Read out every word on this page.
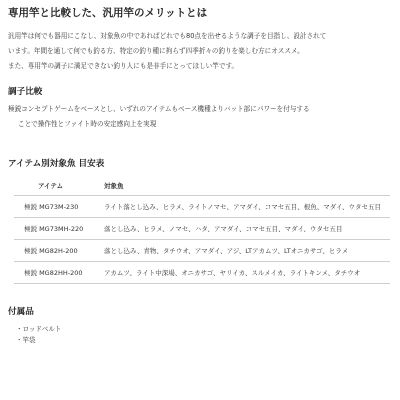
専用竿と比較した、汎用竿のメリットとは
汎用竿は何でも器用にこなし、対象魚の中であればどれでも80点を出せるような調子を目指し、設計されて
います。年間を通して何でも釣る方、特定の釣り種に拘らず四季折々の釣りを楽しむ方にオススメ。
また、専用竿の調子に満足できない釣り人にも是非手にとってほしい竿です。
調子比較
極鋭コンセプトゲームをベースとし、いずれのアイテムもベース機種よりバット部にパワーを付与する
ことで操作性とファイト時の安定感向上を実現
アイテム別対象魚 目安表
アイテム	対象魚
極鋭 MG73M-230	ライト落とし込み、ヒラメ、ライトノマセ、アマダイ、コマセ五目、根魚、マダイ、ウタセ五目
極鋭 MG73MH-220	落とし込み、ヒラメ、ノマセ、ハタ、アマダイ、コマセ五目、マダイ、ウタセ五目
極鋭 MG82H-200	落とし込み、青物、タチウオ、アマダイ、アジ、LTアカムツ、LTオニカサゴ、ヒラメ
極鋭 MG82HH-200	アカムツ、ライト中深場、オニカサゴ、ヤリイカ、スルメイカ、ライトキンメ、タチウオ
付属品
・ロッドベルト
・竿袋
